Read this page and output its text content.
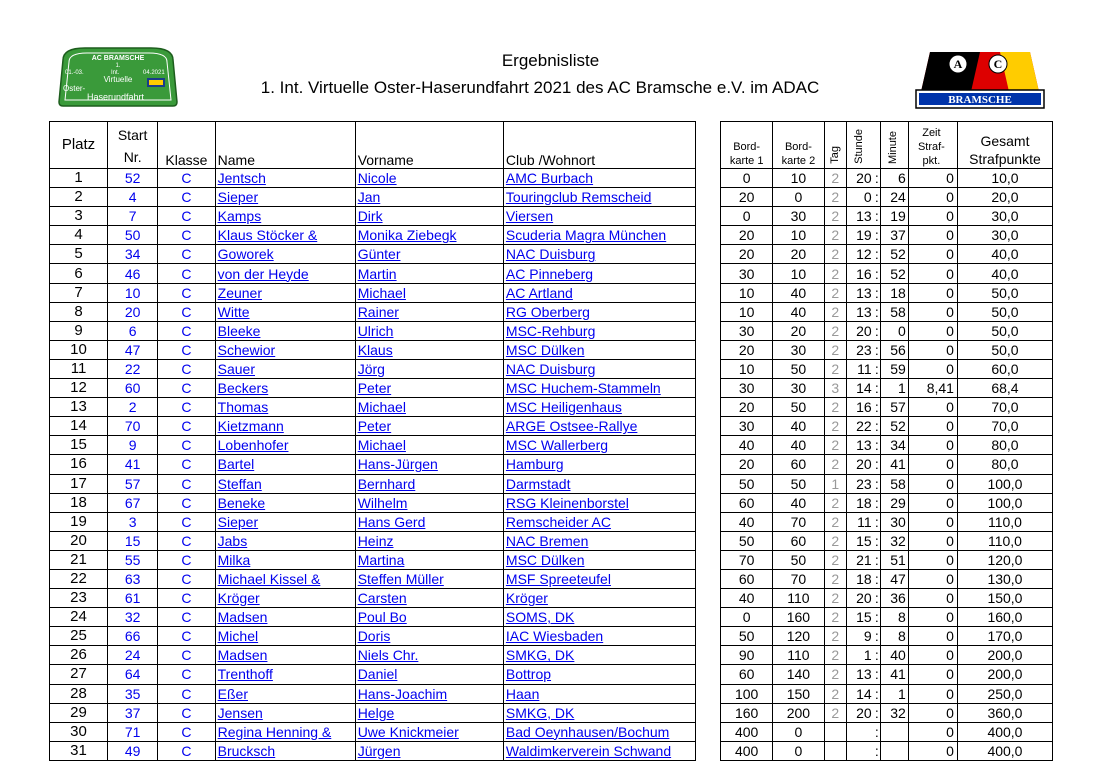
Ergebnisliste
1. Int. Virtuelle Oster-Haserundfahrt 2021 des AC Bramsche e.V. im ADAC
AC BRAMSCHE
1.
01.-03.	Int.	04.2021
Virtuelle
Oster-
Haserundfahrt
A	C
BRAMSCHE
Platz	Start
Nr.	Klasse	Name	Vorname	Club /Wohnort
1	52	C	Jentsch	Nicole	AMC Burbach
2	4	C	Sieper	Jan	Touringclub Remscheid
3	7	C	Kamps	Dirk	Viersen
4	50	C	Klaus Stöcker &	Monika Ziebegk	Scuderia Magra München
5	34	C	Goworek	Günter	NAC Duisburg
6	46	C	von der Heyde	Martin	AC Pinneberg
7	10	C	Zeuner	Michael	AC Artland
8	20	C	Witte	Rainer	RG Oberberg
9	6	C	Bleeke	Ulrich	MSC-Rehburg
10	47	C	Schewior	Klaus	MSC Dülken
11	22	C	Sauer	Jörg	NAC Duisburg
12	60	C	Beckers	Peter	MSC Huchem-Stammeln
13	2	C	Thomas	Michael	MSC Heiligenhaus
14	70	C	Kietzmann	Peter	ARGE Ostsee-Rallye
15	9	C	Lobenhofer	Michael	MSC Wallerberg
16	41	C	Bartel	Hans-Jürgen	Hamburg
17	57	C	Steffan	Bernhard	Darmstadt
18	67	C	Beneke	Wilhelm	RSG Kleinenborstel
19	3	C	Sieper	Hans Gerd	Remscheider AC
20	15	C	Jabs	Heinz	NAC Bremen
21	55	C	Milka	Martina	MSC Dülken
22	63	C	Michael Kissel &	Steffen Müller	MSF Spreeteufel
23	61	C	Kröger	Carsten	Kröger
24	32	C	Madsen	Poul Bo	SOMS, DK
25	66	C	Michel	Doris	IAC Wiesbaden
26	24	C	Madsen	Niels Chr.	SMKG, DK
27	64	C	Trenthoff	Daniel	Bottrop
28	35	C	Eßer	Hans-Joachim	Haan
29	37	C	Jensen	Helge	SMKG, DK
30	71	C	Regina Henning &	Uwe Knickmeier	Bad Oeynhausen/Bochum
31	49	C	Brucksch	Jürgen	Waldimkerverein Schwand
Bord-
karte 1	Bord-
karte 2	Tag	Stunde		Minute	Zeit
Straf-
pkt.	Gesamt
Strafpunkte
0	10	2	20	:	6	0	10,0
20	0	2	0	:	24	0	20,0
0	30	2	13	:	19	0	30,0
20	10	2	19	:	37	0	30,0
20	20	2	12	:	52	0	40,0
30	10	2	16	:	52	0	40,0
10	40	2	13	:	18	0	50,0
10	40	2	13	:	58	0	50,0
30	20	2	20	:	0	0	50,0
20	30	2	23	:	56	0	50,0
10	50	2	11	:	59	0	60,0
30	30	3	14	:	1	8,41	68,4
20	50	2	16	:	57	0	70,0
30	40	2	22	:	52	0	70,0
40	40	2	13	:	34	0	80,0
20	60	2	20	:	41	0	80,0
50	50	1	23	:	58	0	100,0
60	40	2	18	:	29	0	100,0
40	70	2	11	:	30	0	110,0
50	60	2	15	:	32	0	110,0
70	50	2	21	:	51	0	120,0
60	70	2	18	:	47	0	130,0
40	110	2	20	:	36	0	150,0
0	160	2	15	:	8	0	160,0
50	120	2	9	:	8	0	170,0
90	110	2	1	:	40	0	200,0
60	140	2	13	:	41	0	200,0
100	150	2	14	:	1	0	250,0
160	200	2	20	:	32	0	360,0
400	0			:		0	400,0
400	0			:		0	400,0
